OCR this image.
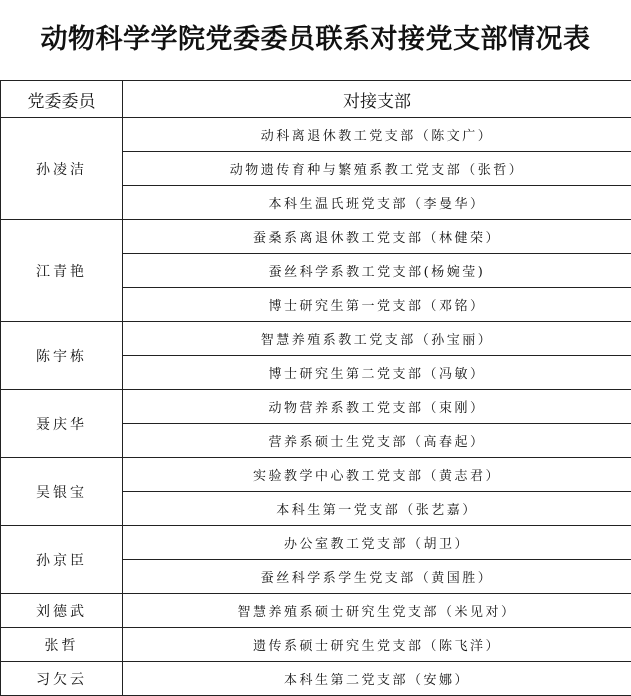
动物科学学院党委委员联系对接党支部情况表
党委委员	对接支部
孙凌洁	动科离退休教工党支部（陈文广）
	动物遗传育种与繁殖系教工党支部（张哲）
	本科生温氏班党支部（李曼华）
江青艳	蚕桑系离退休教工党支部（林健荣）
	蚕丝科学系教工党支部(杨婉莹)
	博士研究生第一党支部（邓铭）
陈宇栋	智慧养殖系教工党支部（孙宝丽）
	博士研究生第二党支部（冯敏）
聂庆华	动物营养系教工党支部（束刚）
	营养系硕士生党支部（高春起）
吴银宝	实验教学中心教工党支部（黄志君）
	本科生第一党支部（张艺嘉）
孙京臣	办公室教工党支部（胡卫）
	蚕丝科学系学生党支部（黄国胜）
刘德武	智慧养殖系硕士研究生党支部（米见对）
张哲	遗传系硕士研究生党支部（陈飞洋）
习欠云	本科生第二党支部（安娜）
